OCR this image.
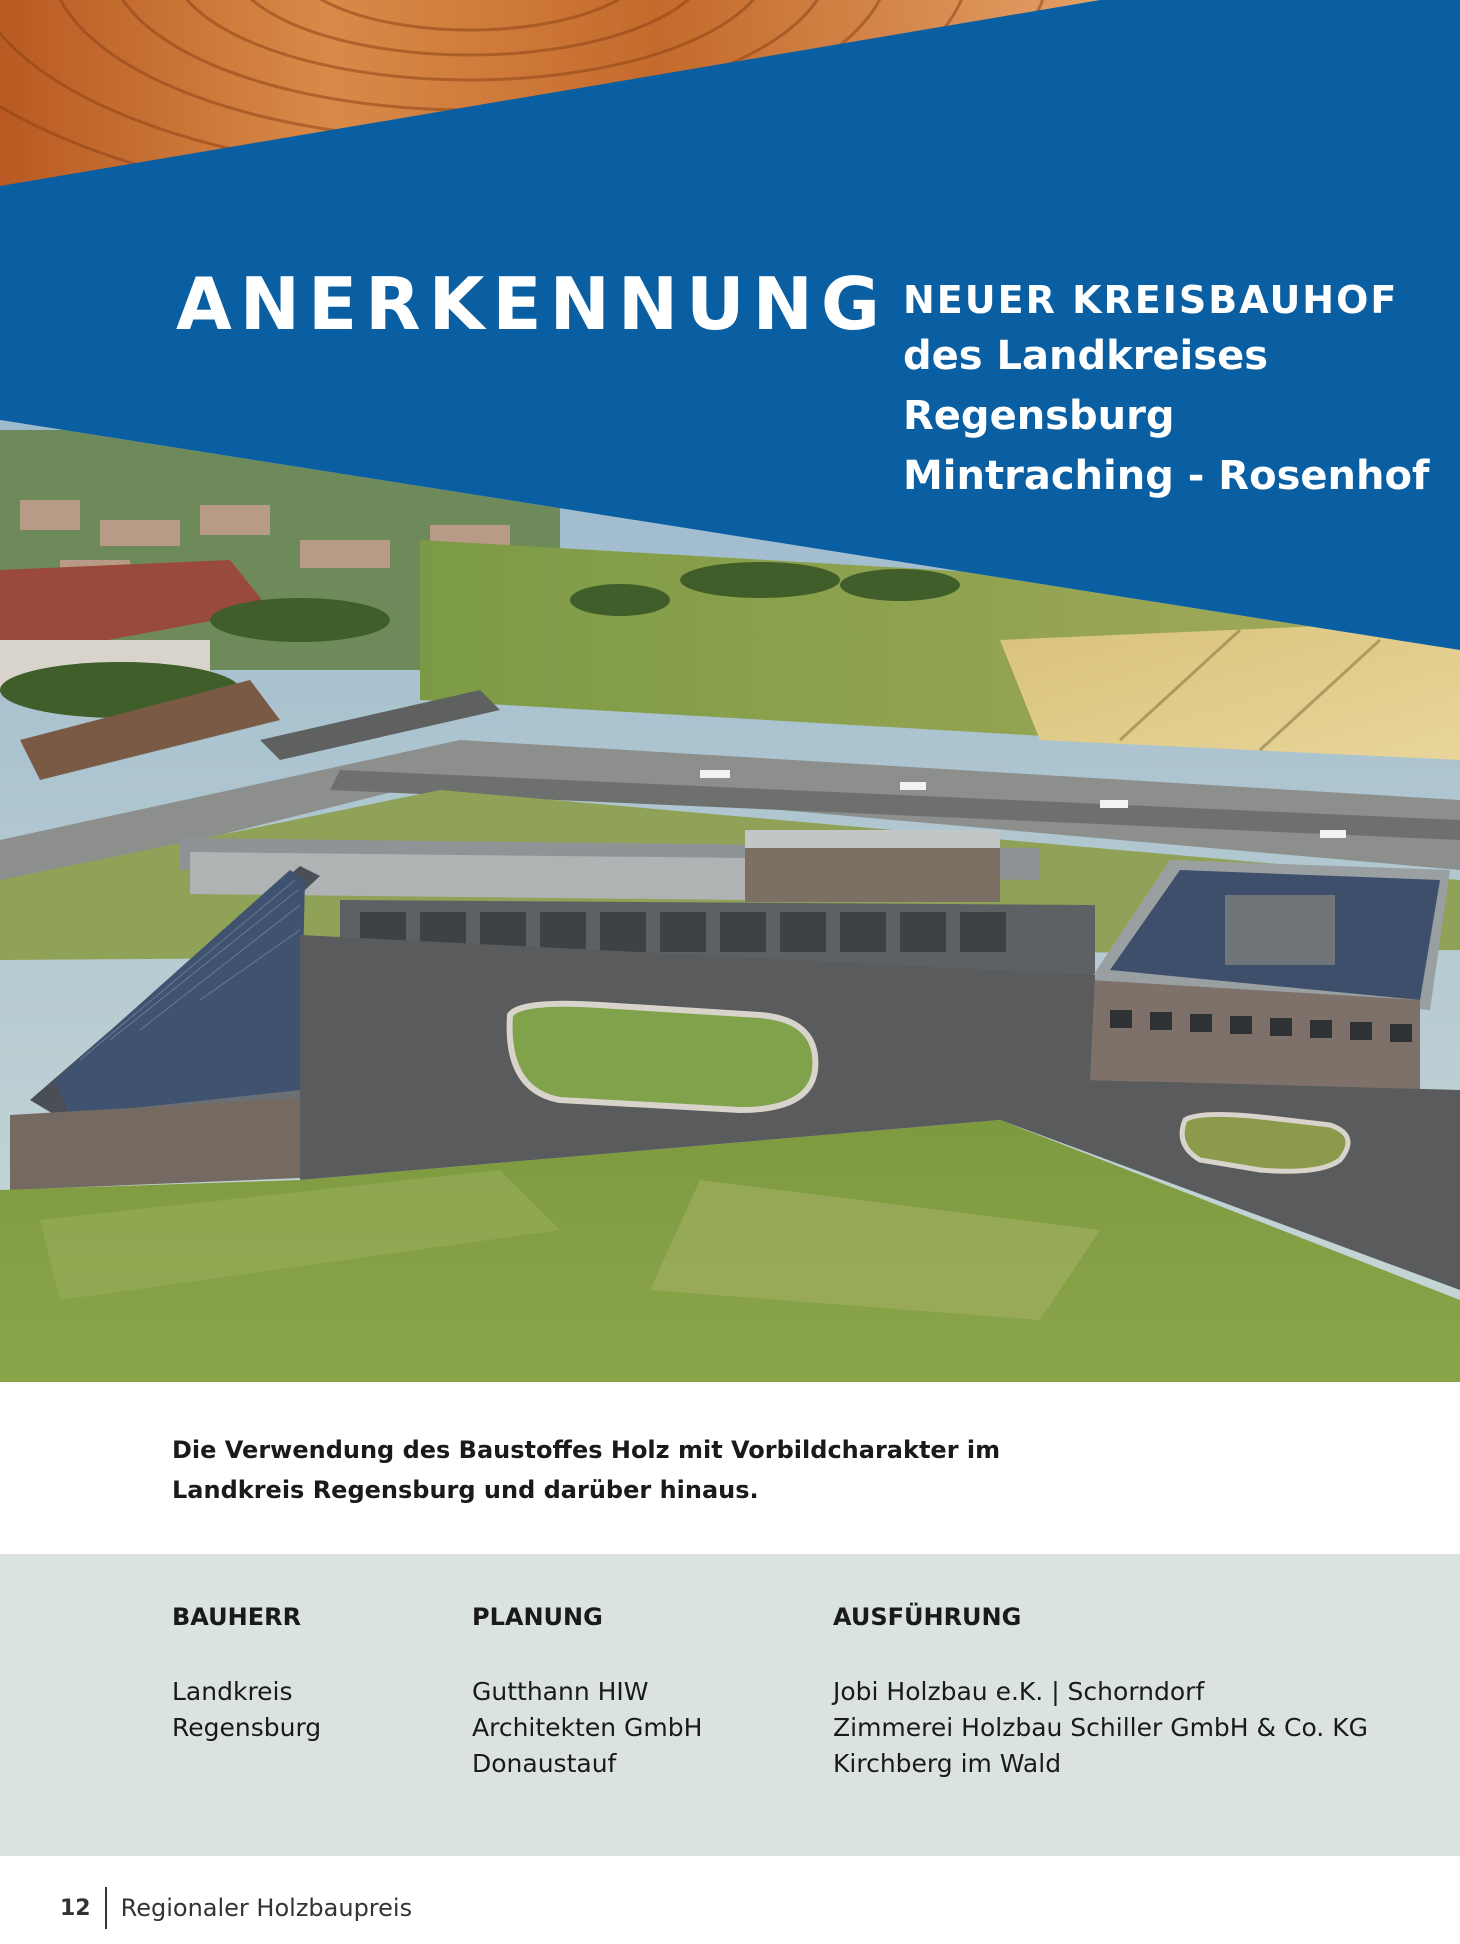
ANERKENNUNG NEUER KREISBAUHOF
des Landkreises
Regensburg
Mintraching - Rosenhof

Die Verwendung des Baustoffes Holz mit Vorbildcharakter im
Landkreis Regensburg und darüber hinaus.

BAUHERR
Landkreis
Regensburg
PLANUNG
Gutthann HIW
Architekten GmbH
Donaustauf
AUSFÜHRUNG
Jobi Holzbau e.K. | Schorndorf
Zimmerei Holzbau Schiller GmbH & Co. KG
Kirchberg im Wald
12 Regionaler Holzbaupreis
